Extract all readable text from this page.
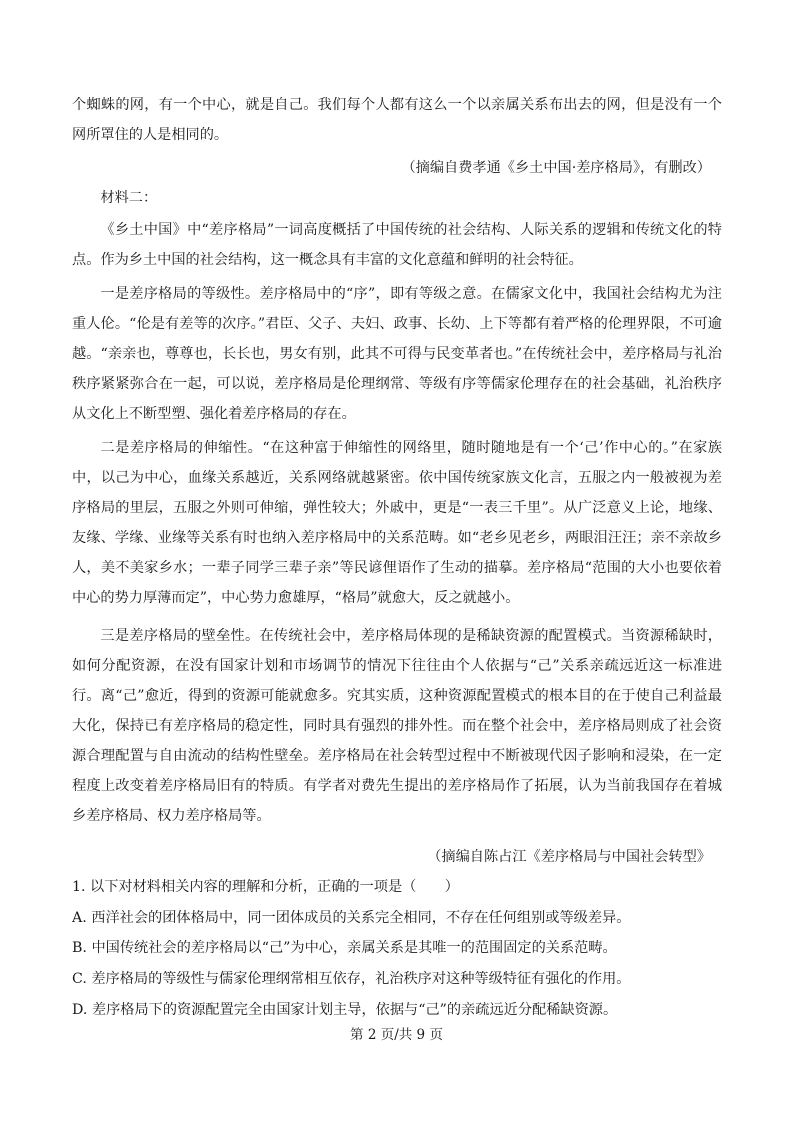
个蜘蛛的网，有一个中心，就是自己。我们每个人都有这么一个以亲属关系布出去的网，但是没有一个网所罩住的人是相同的。

（摘编自费孝通《乡土中国·差序格局》，有删改）

材料二：

《乡土中国》中“差序格局”一词高度概括了中国传统的社会结构、人际关系的逻辑和传统文化的特点。作为乡土中国的社会结构，这一概念具有丰富的文化意蕴和鲜明的社会特征。

一是差序格局的等级性。差序格局中的“序”，即有等级之意。在儒家文化中，我国社会结构尤为注重人伦。“伦是有差等的次序。”君臣、父子、夫妇、政事、长幼、上下等都有着严格的伦理界限，不可逾越。“亲亲也，尊尊也，长长也，男女有别，此其不可得与民变革者也。”在传统社会中，差序格局与礼治秩序紧紧弥合在一起，可以说，差序格局是伦理纲常、等级有序等儒家伦理存在的社会基础，礼治秩序从文化上不断型塑、强化着差序格局的存在。

二是差序格局的伸缩性。“在这种富于伸缩性的网络里，随时随地是有一个‘己’作中心的。”在家族中，以己为中心，血缘关系越近，关系网络就越紧密。依中国传统家族文化言，五服之内一般被视为差序格局的里层，五服之外则可伸缩，弹性较大；外戚中，更是“一表三千里”。从广泛意义上论，地缘、友缘、学缘、业缘等关系有时也纳入差序格局中的关系范畴。如“老乡见老乡，两眼泪汪汪；亲不亲故乡人，美不美家乡水；一辈子同学三辈子亲”等民谚俚语作了生动的描摹。差序格局“范围的大小也要依着中心的势力厚薄而定”，中心势力愈雄厚，“格局”就愈大，反之就越小。

三是差序格局的壁垒性。在传统社会中，差序格局体现的是稀缺资源的配置模式。当资源稀缺时，如何分配资源，在没有国家计划和市场调节的情况下往往由个人依据与“己”关系亲疏远近这一标准进行。离“己”愈近，得到的资源可能就愈多。究其实质，这种资源配置模式的根本目的在于使自己利益最大化，保持已有差序格局的稳定性，同时具有强烈的排外性。而在整个社会中，差序格局则成了社会资源合理配置与自由流动的结构性壁垒。差序格局在社会转型过程中不断被现代因子影响和浸染，在一定程度上改变着差序格局旧有的特质。有学者对费先生提出的差序格局作了拓展，认为当前我国存在着城乡差序格局、权力差序格局等。

（摘编自陈占江《差序格局与中国社会转型》

1. 以下对材料相关内容的理解和分析，正确的一项是（　　）

A. 西洋社会的团体格局中，同一团体成员的关系完全相同，不存在任何组别或等级差异。

B. 中国传统社会的差序格局以“己”为中心，亲属关系是其唯一的范围固定的关系范畴。

C. 差序格局的等级性与儒家伦理纲常相互依存，礼治秩序对这种等级特征有强化的作用。

D. 差序格局下的资源配置完全由国家计划主导，依据与“己”的亲疏远近分配稀缺资源。

第 2 页/共 9 页
